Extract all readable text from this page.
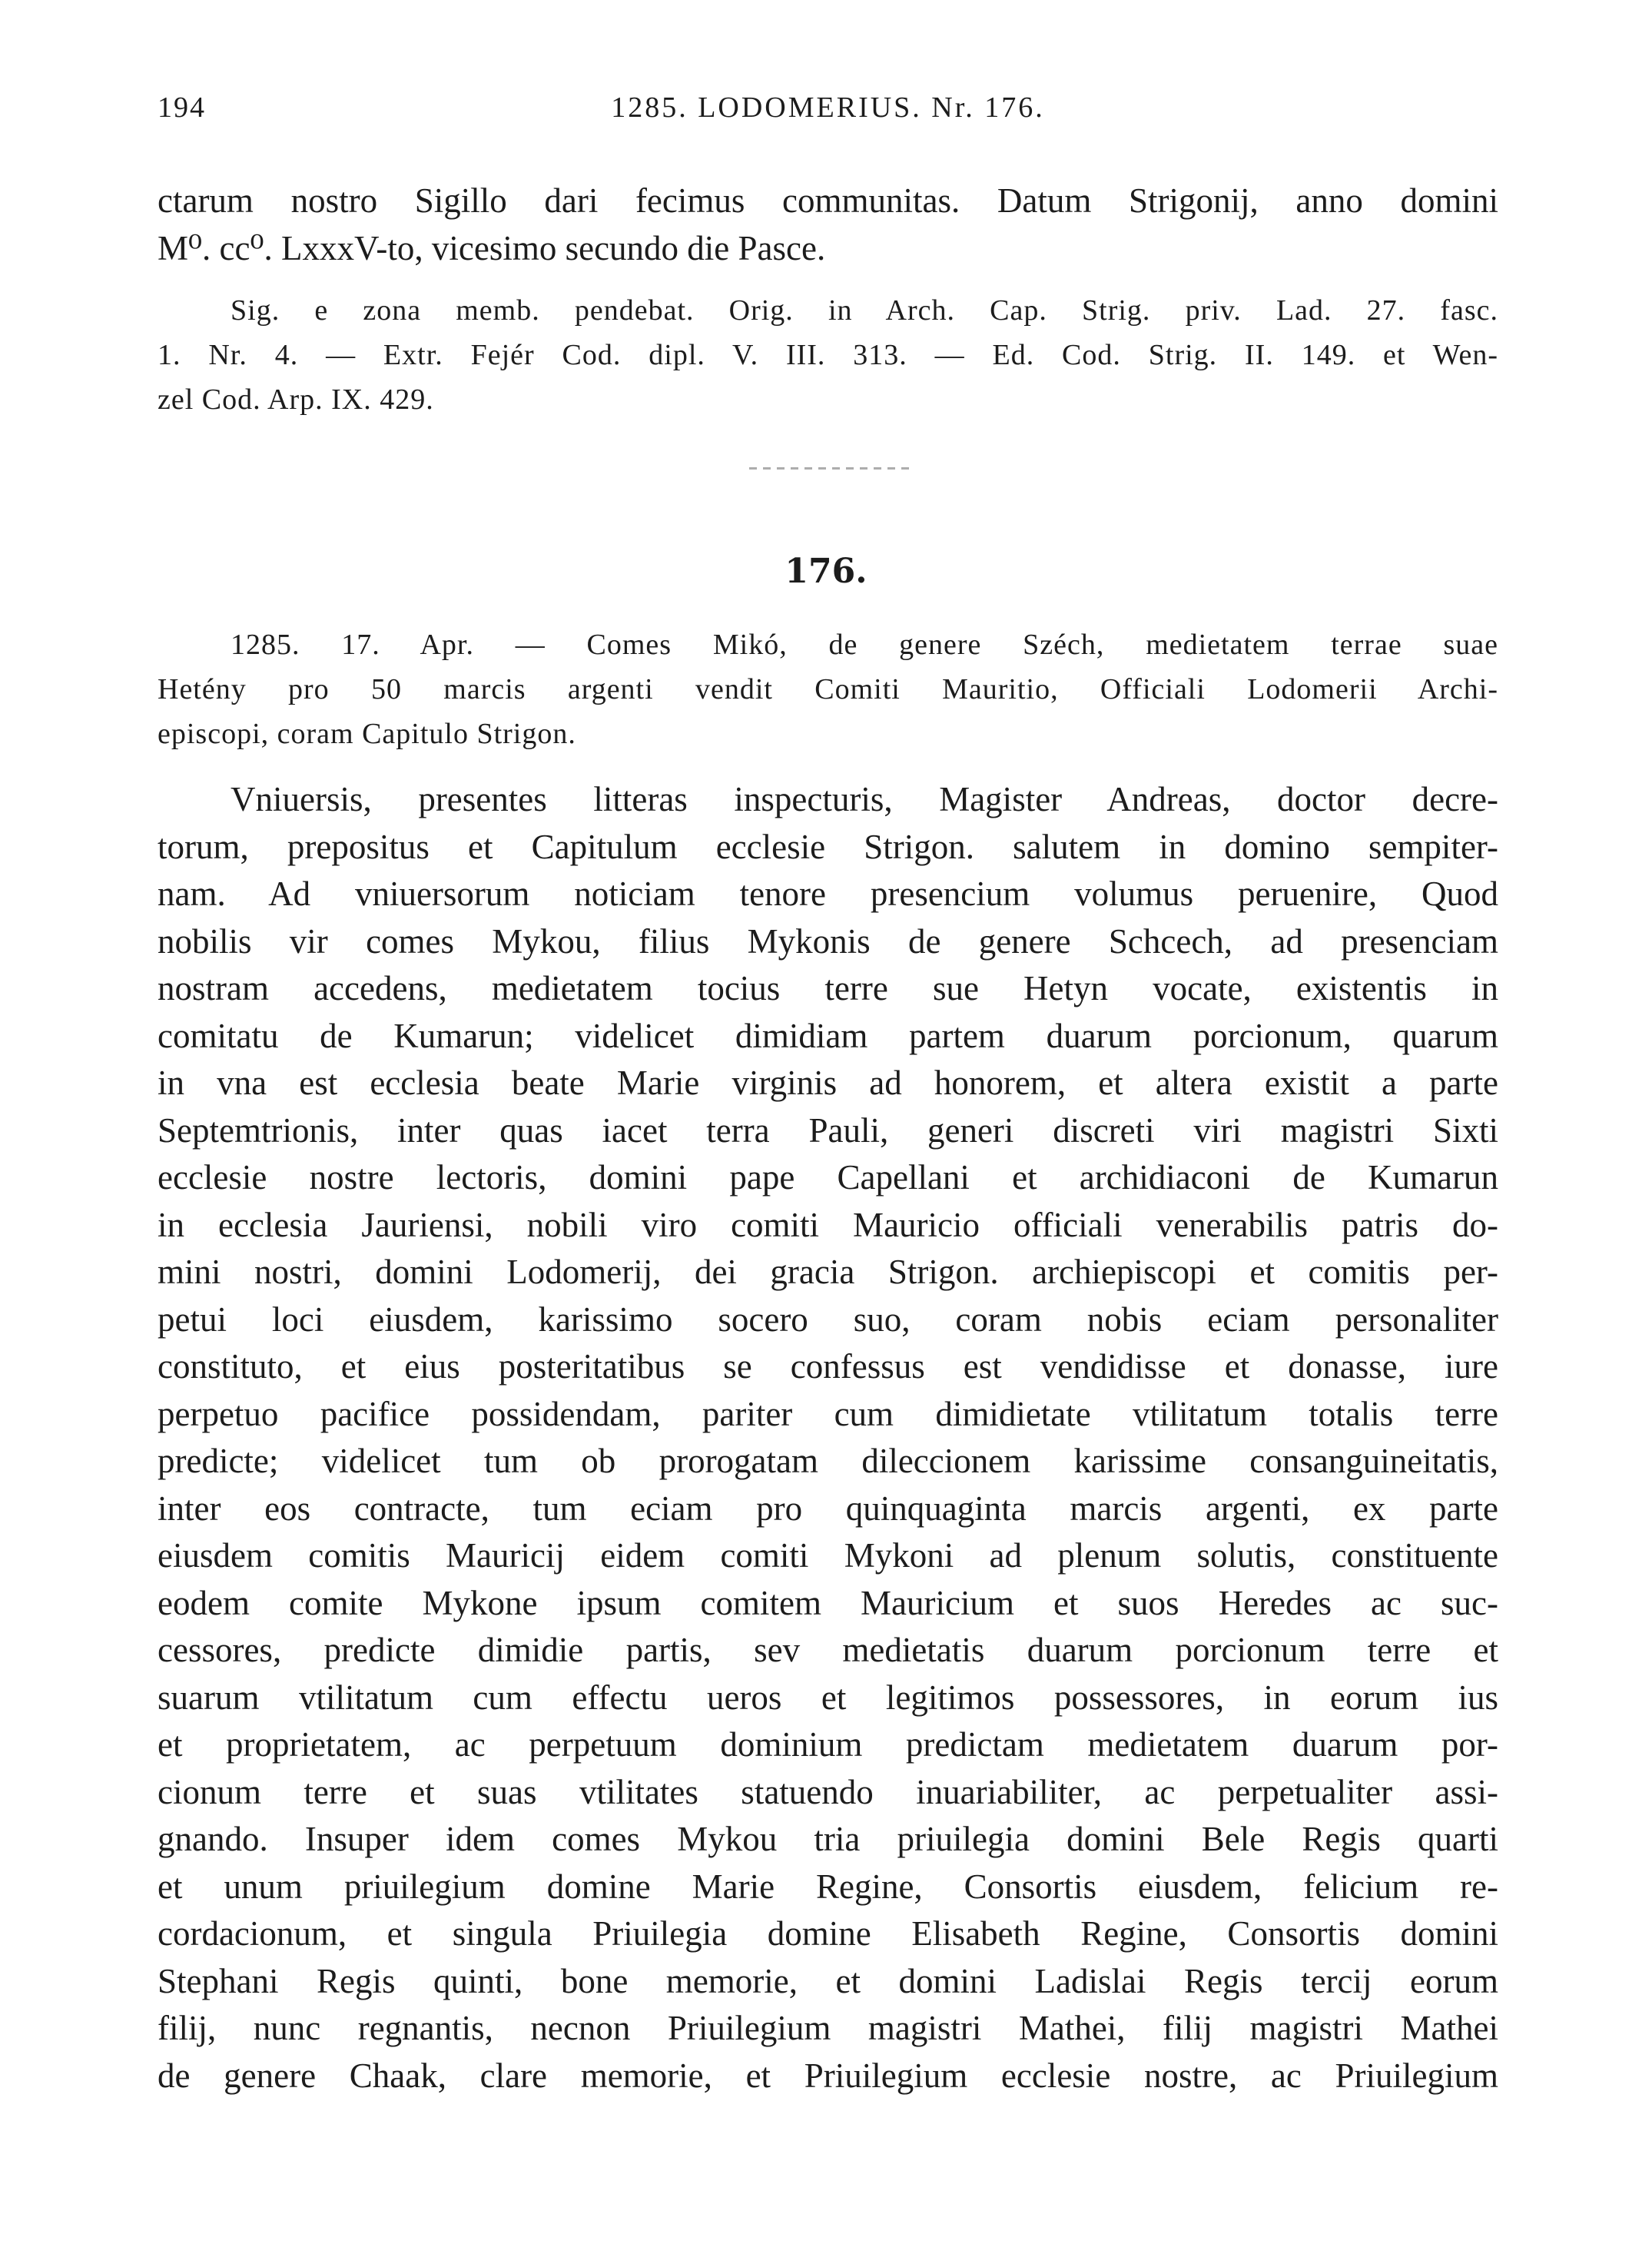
194	1285. LODOMERIUS. Nr. 176.
ctarum nostro Sigillo dari fecimus communitas. Datum Strigonij, anno domini
M⁰. cc⁰. LxxxV-to, vicesimo secundo die Pasce.
Sig. e zona memb. pendebat. Orig. in Arch. Cap. Strig. priv. Lad. 27. fasc.
1. Nr. 4. — Extr. Fejér Cod. dipl. V. III. 313. — Ed. Cod. Strig. II. 149. et Wen-
zel Cod. Arp. IX. 429.
176.
1285. 17. Apr. — Comes Mikó, de genere Széch, medietatem terrae suae
Hetény pro 50 marcis argenti vendit Comiti Mauritio, Officiali Lodomerii Archi-
episcopi, coram Capitulo Strigon.
Vniuersis, presentes litteras inspecturis, Magister Andreas, doctor decre-
torum, prepositus et Capitulum ecclesie Strigon. salutem in domino sempiter-
nam. Ad vniuersorum noticiam tenore presencium volumus peruenire, Quod
nobilis vir comes Mykou, filius Mykonis de genere Schcech, ad presenciam
nostram accedens, medietatem tocius terre sue Hetyn vocate, existentis in
comitatu de Kumarun; videlicet dimidiam partem duarum porcionum, quarum
in vna est ecclesia beate Marie virginis ad honorem, et altera existit a parte
Septemtrionis, inter quas iacet terra Pauli, generi discreti viri magistri Sixti
ecclesie nostre lectoris, domini pape Capellani et archidiaconi de Kumarun
in ecclesia Jauriensi, nobili viro comiti Mauricio officiali venerabilis patris do-
mini nostri, domini Lodomerij, dei gracia Strigon. archiepiscopi et comitis per-
petui loci eiusdem, karissimo socero suo, coram nobis eciam personaliter
constituto, et eius posteritatibus se confessus est vendidisse et donasse, iure
perpetuo pacifice possidendam, pariter cum dimidietate vtilitatum totalis terre
predicte; videlicet tum ob prorogatam dileccionem karissime consanguineitatis,
inter eos contracte, tum eciam pro quinquaginta marcis argenti, ex parte
eiusdem comitis Mauricij eidem comiti Mykoni ad plenum solutis, constituente
eodem comite Mykone ipsum comitem Mauricium et suos Heredes ac suc-
cessores, predicte dimidie partis, sev medietatis duarum porcionum terre et
suarum vtilitatum cum effectu ueros et legitimos possessores, in eorum ius
et proprietatem, ac perpetuum dominium predictam medietatem duarum por-
cionum terre et suas vtilitates statuendo inuariabiliter, ac perpetualiter assi-
gnando. Insuper idem comes Mykou tria priuilegia domini Bele Regis quarti
et unum priuilegium domine Marie Regine, Consortis eiusdem, felicium re-
cordacionum, et singula Priuilegia domine Elisabeth Regine, Consortis domini
Stephani Regis quinti, bone memorie, et domini Ladislai Regis tercij eorum
filij, nunc regnantis, necnon Priuilegium magistri Mathei, filij magistri Mathei
de genere Chaak, clare memorie, et Priuilegium ecclesie nostre, ac Priuilegium
